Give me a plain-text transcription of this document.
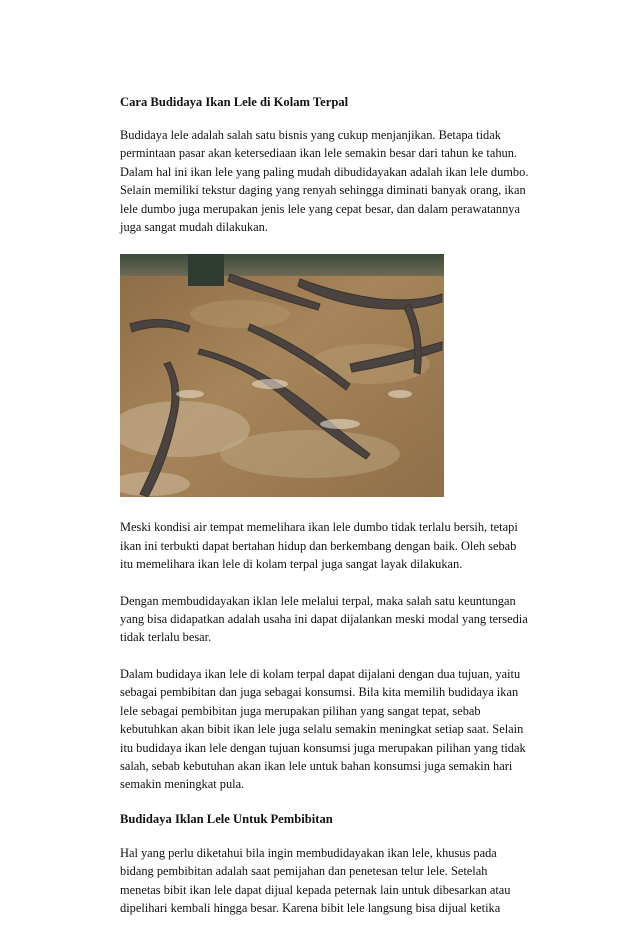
Cara Budidaya Ikan Lele di Kolam Terpal

Budidaya lele adalah salah satu bisnis yang cukup menjanjikan. Betapa tidak
permintaan pasar akan ketersediaan ikan lele semakin besar dari tahun ke tahun.
Dalam hal ini ikan lele yang paling mudah dibudidayakan adalah ikan lele dumbo.
Selain memiliki tekstur daging yang renyah sehingga diminati banyak orang, ikan
lele dumbo juga merupakan jenis lele yang cepat besar, dan dalam perawatannya
juga sangat mudah dilakukan.

Meski kondisi air tempat memelihara ikan lele dumbo tidak terlalu bersih, tetapi
ikan ini terbukti dapat bertahan hidup dan berkembang dengan baik. Oleh sebab
itu memelihara ikan lele di kolam terpal juga sangat layak dilakukan.

Dengan membudidayakan iklan lele melalui terpal, maka salah satu keuntungan
yang bisa didapatkan adalah usaha ini dapat dijalankan meski modal yang tersedia
tidak terlalu besar.

Dalam budidaya ikan lele di kolam terpal dapat dijalani dengan dua tujuan, yaitu
sebagai pembibitan dan juga sebagai konsumsi. Bila kita memilih budidaya ikan
lele sebagai pembibitan juga merupakan pilihan yang sangat tepat, sebab
kebutuhkan akan bibit ikan lele juga selalu semakin meningkat setiap saat. Selain
itu budidaya ikan lele dengan tujuan konsumsi juga merupakan pilihan yang tidak
salah, sebab kebutuhan akan ikan lele untuk bahan konsumsi juga semakin hari
semakin meningkat pula.

Budidaya Iklan Lele Untuk Pembibitan

Hal yang perlu diketahui bila ingin membudidayakan ikan lele, khusus pada
bidang pembibitan adalah saat pemijahan dan penetesan telur lele. Setelah
menetas bibit ikan lele dapat dijual kepada peternak lain untuk dibesarkan atau
dipelihari kembali hingga besar. Karena bibit lele langsung bisa dijual ketika
